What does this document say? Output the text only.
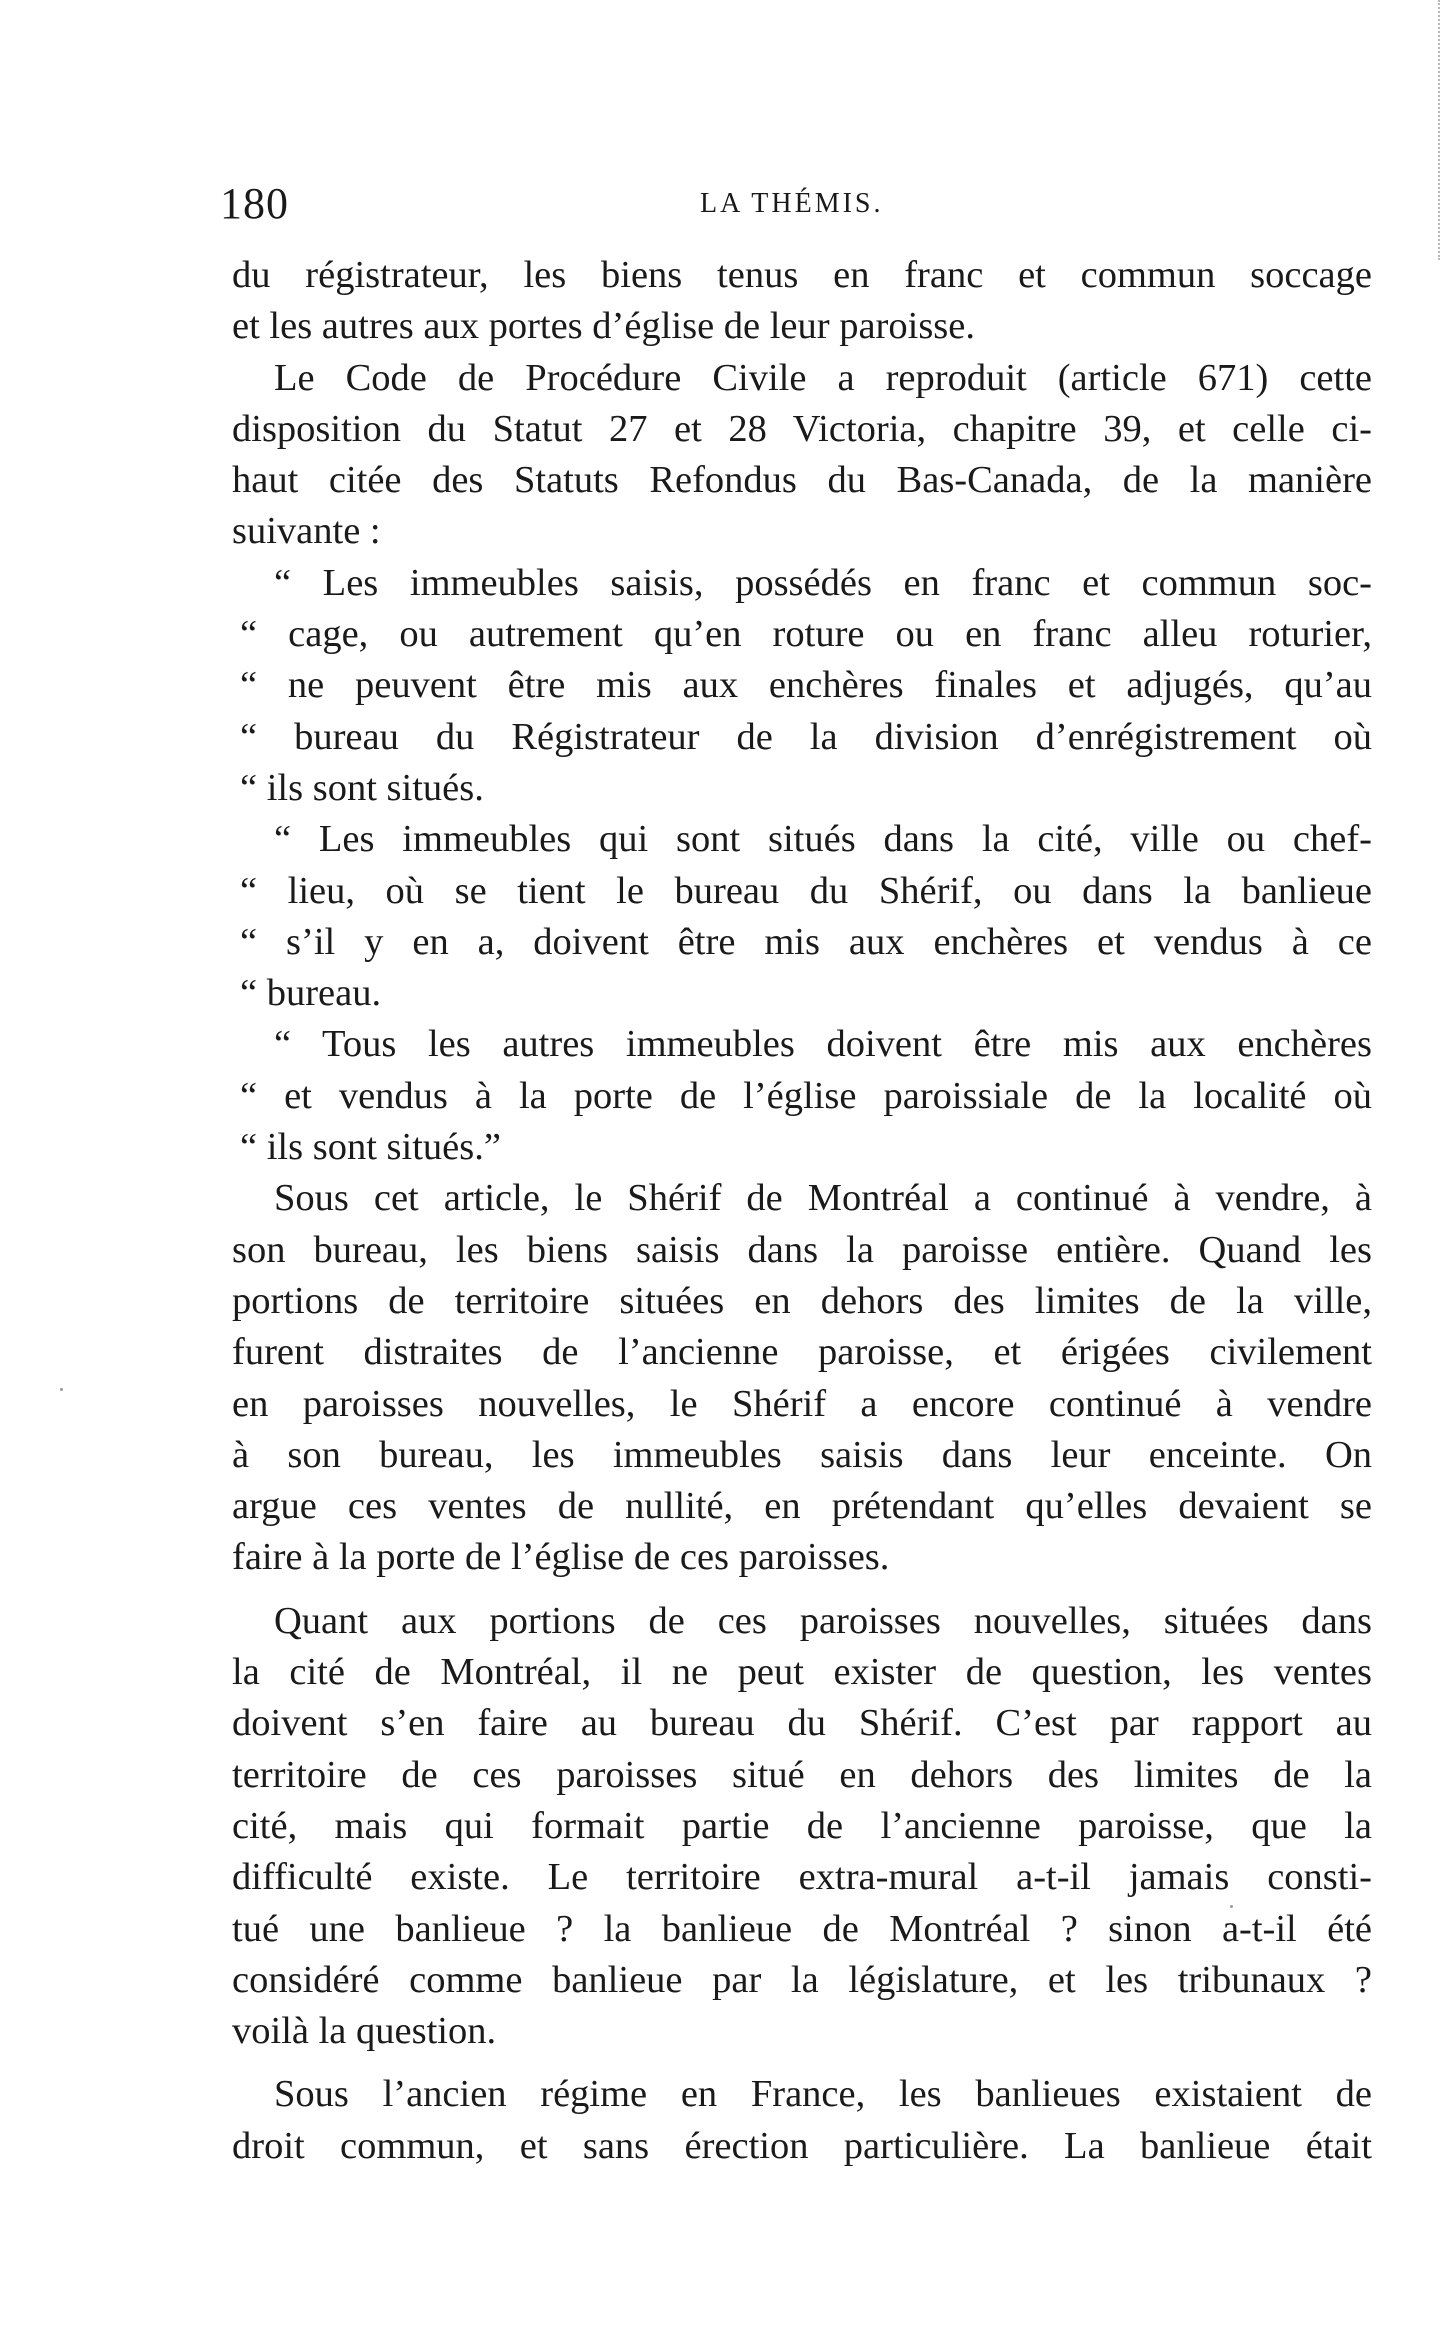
180	LA THÉMIS.
du régistrateur, les biens tenus en franc et commun soccage
et les autres aux portes d’église de leur paroisse.
Le Code de Procédure Civile a reproduit (article 671) cette
disposition du Statut 27 et 28 Victoria, chapitre 39, et celle ci-
haut citée des Statuts Refondus du Bas-Canada, de la manière
suivante :
“ Les immeubles saisis, possédés en franc et commun soc-
“ cage, ou autrement qu’en roture ou en franc alleu roturier,
“ ne peuvent être mis aux enchères finales et adjugés, qu’au
“ bureau du Régistrateur de la division d’enrégistrement où
“ ils sont situés.
“ Les immeubles qui sont situés dans la cité, ville ou chef-
“ lieu, où se tient le bureau du Shérif, ou dans la banlieue
“ s’il y en a, doivent être mis aux enchères et vendus à ce
“ bureau.
“ Tous les autres immeubles doivent être mis aux enchères
“ et vendus à la porte de l’église paroissiale de la localité où
“ ils sont situés.”
Sous cet article, le Shérif de Montréal a continué à vendre, à
son bureau, les biens saisis dans la paroisse entière. Quand les
portions de territoire situées en dehors des limites de la ville,
furent distraites de l’ancienne paroisse, et érigées civilement
en paroisses nouvelles, le Shérif a encore continué à vendre
à son bureau, les immeubles saisis dans leur enceinte. On
argue ces ventes de nullité, en prétendant qu’elles devaient se
faire à la porte de l’église de ces paroisses.
Quant aux portions de ces paroisses nouvelles, situées dans
la cité de Montréal, il ne peut exister de question, les ventes
doivent s’en faire au bureau du Shérif. C’est par rapport au
territoire de ces paroisses situé en dehors des limites de la
cité, mais qui formait partie de l’ancienne paroisse, que la
difficulté existe. Le territoire extra-mural a-t-il jamais consti-
tué une banlieue ? la banlieue de Montréal ? sinon a-t-il été
considéré comme banlieue par la législature, et les tribunaux ?
voilà la question.
Sous l’ancien régime en France, les banlieues existaient de
droit commun, et sans érection particulière. La banlieue était
